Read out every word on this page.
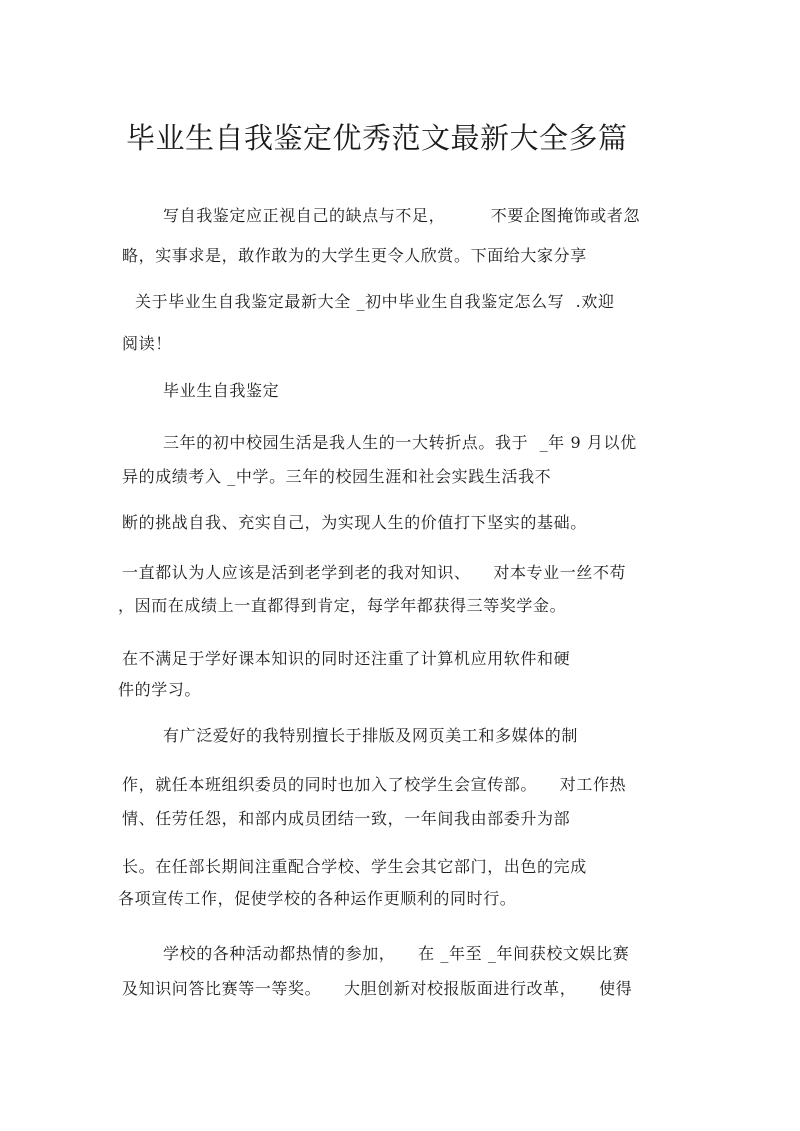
毕业生自我鉴定优秀范文最新大全多篇
写自我鉴定应正视自己的缺点与不足，        不要企图掩饰或者忽
略，实事求是，敢作敢为的大学生更令人欣赏。下面给大家分享
关于毕业生自我鉴定最新大全 _初中毕业生自我鉴定怎么写  .欢迎
阅读！
毕业生自我鉴定
三年的初中校园生活是我人生的一大转折点。我于  _年 9 月以优
异的成绩考入 _中学。三年的校园生涯和社会实践生活我不
断的挑战自我、充实自己，为实现人生的价值打下坚实的基础。
一直都认为人应该是活到老学到老的我对知识、    对本专业一丝不苟
，因而在成绩上一直都得到肯定，每学年都获得三等奖学金。
在不满足于学好课本知识的同时还注重了计算机应用软件和硬
件的学习。
有广泛爱好的我特别擅长于排版及网页美工和多媒体的制
作，就任本班组织委员的同时也加入了校学生会宣传部。    对工作热
情、任劳任怨，和部内成员团结一致，一年间我由部委升为部
长。在任部长期间注重配合学校、学生会其它部门，出色的完成
各项宣传工作，促使学校的各种运作更顺利的同时行。
学校的各种活动都热情的参加，    在 _年至 _年间获校文娱比赛
及知识问答比赛等一等奖。    大胆创新对校报版面进行改革，    使得
